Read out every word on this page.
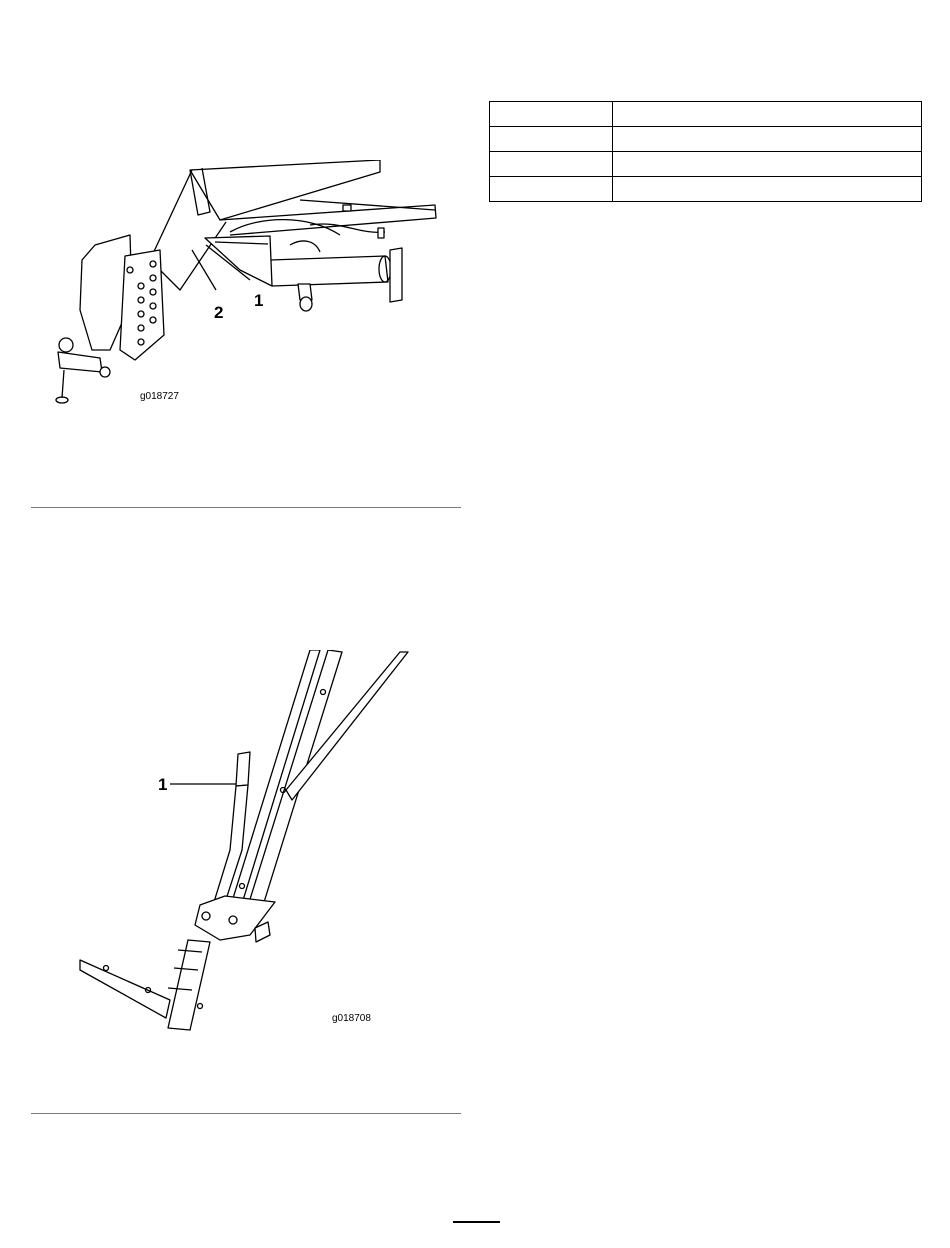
2
1
g018727
1
g018708
